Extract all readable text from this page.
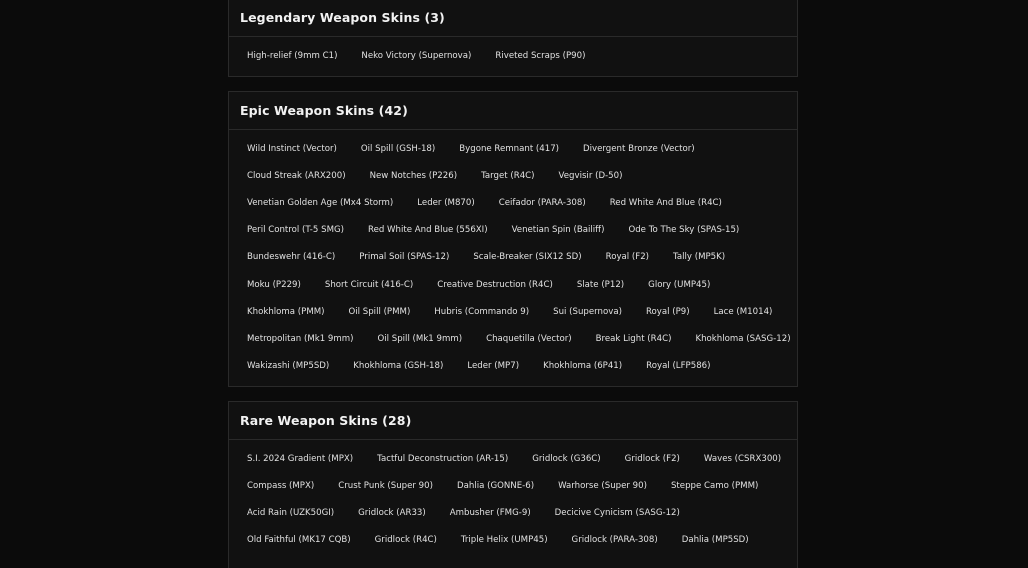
Legendary Weapon Skins (3)
High-relief (9mm C1)	Neko Victory (Supernova)	Riveted Scraps (P90)
Epic Weapon Skins (42)
Wild Instinct (Vector)	Oil Spill (GSH-18)	Bygone Remnant (417)	Divergent Bronze (Vector)
Cloud Streak (ARX200)	New Notches (P226)	Target (R4C)	Vegvisir (D-50)
Venetian Golden Age (Mx4 Storm)	Leder (M870)	Ceifador (PARA-308)	Red White And Blue (R4C)
Peril Control (T-5 SMG)	Red White And Blue (556XI)	Venetian Spin (Bailiff)	Ode To The Sky (SPAS-15)
Bundeswehr (416-C)	Primal Soil (SPAS-12)	Scale-Breaker (SIX12 SD)	Royal (F2)	Tally (MP5K)
Moku (P229)	Short Circuit (416-C)	Creative Destruction (R4C)	Slate (P12)	Glory (UMP45)
Khokhloma (PMM)	Oil Spill (PMM)	Hubris (Commando 9)	Sui (Supernova)	Royal (P9)	Lace (M1014)
Metropolitan (Mk1 9mm)	Oil Spill (Mk1 9mm)	Chaquetilla (Vector)	Break Light (R4C)	Khokhloma (SASG-12)
Wakizashi (MP5SD)	Khokhloma (GSH-18)	Leder (MP7)	Khokhloma (6P41)	Royal (LFP586)
Rare Weapon Skins (28)
S.I. 2024 Gradient (MPX)	Tactful Deconstruction (AR-15)	Gridlock (G36C)	Gridlock (F2)	Waves (CSRX300)
Compass (MPX)	Crust Punk (Super 90)	Dahlia (GONNE-6)	Warhorse (Super 90)	Steppe Camo (PMM)
Acid Rain (UZK50GI)	Gridlock (AR33)	Ambusher (FMG-9)	Decicive Cynicism (SASG-12)
Old Faithful (MK17 CQB)	Gridlock (R4C)	Triple Helix (UMP45)	Gridlock (PARA-308)	Dahlia (MP5SD)
